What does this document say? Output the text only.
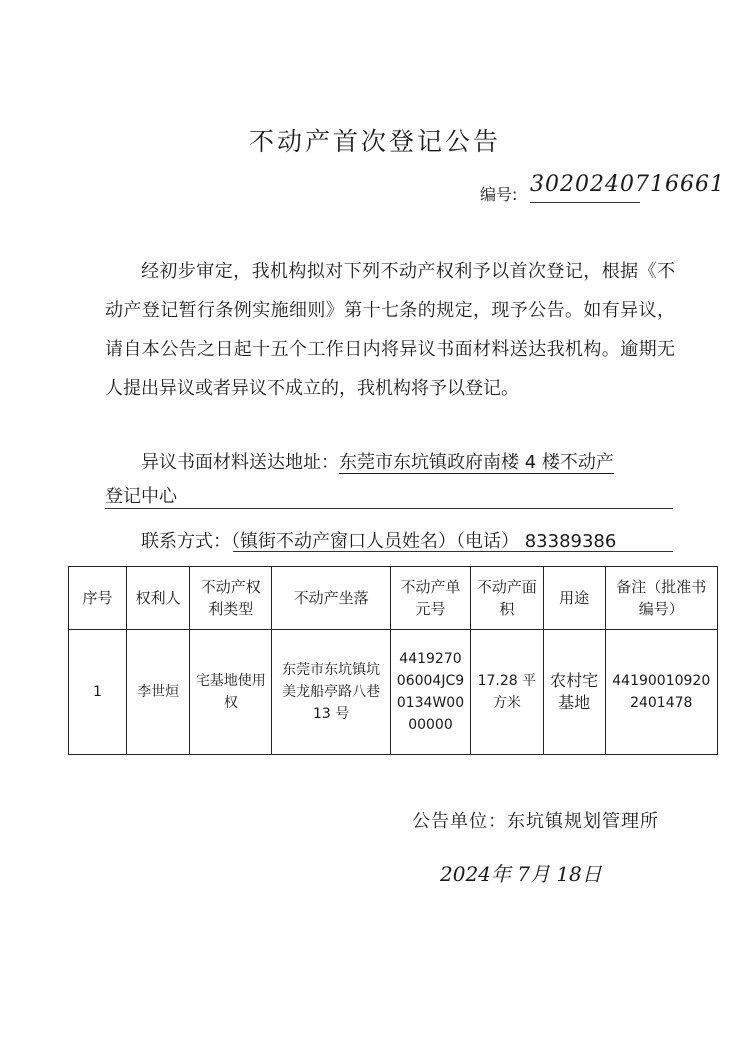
不动产首次登记公告
编号: 3020240716661

经初步审定，我机构拟对下列不动产权利予以首次登记，根据《不动产登记暂行条例实施细则》第十七条的规定，现予公告。如有异议，请自本公告之日起十五个工作日内将异议书面材料送达我机构。逾期无人提出异议或者异议不成立的，我机构将予以登记。

异议书面材料送达地址：东莞市东坑镇政府南楼 4 楼不动产
登记中心
联系方式：（镇街不动产窗口人员姓名）（电话） 83389386
序号	权利人	不动产权利类型	不动产坐落	不动产单元号	不动产面积	用途	备注（批准书编号）
1	李世烜	宅基地使用权	东莞市东坑镇坑美龙船亭路八巷 13 号	441927006004JC90134W0000000	17.28 平方米	农村宅基地	441900109202401478
公告单位：东坑镇规划管理所
2024年 7月 18日
